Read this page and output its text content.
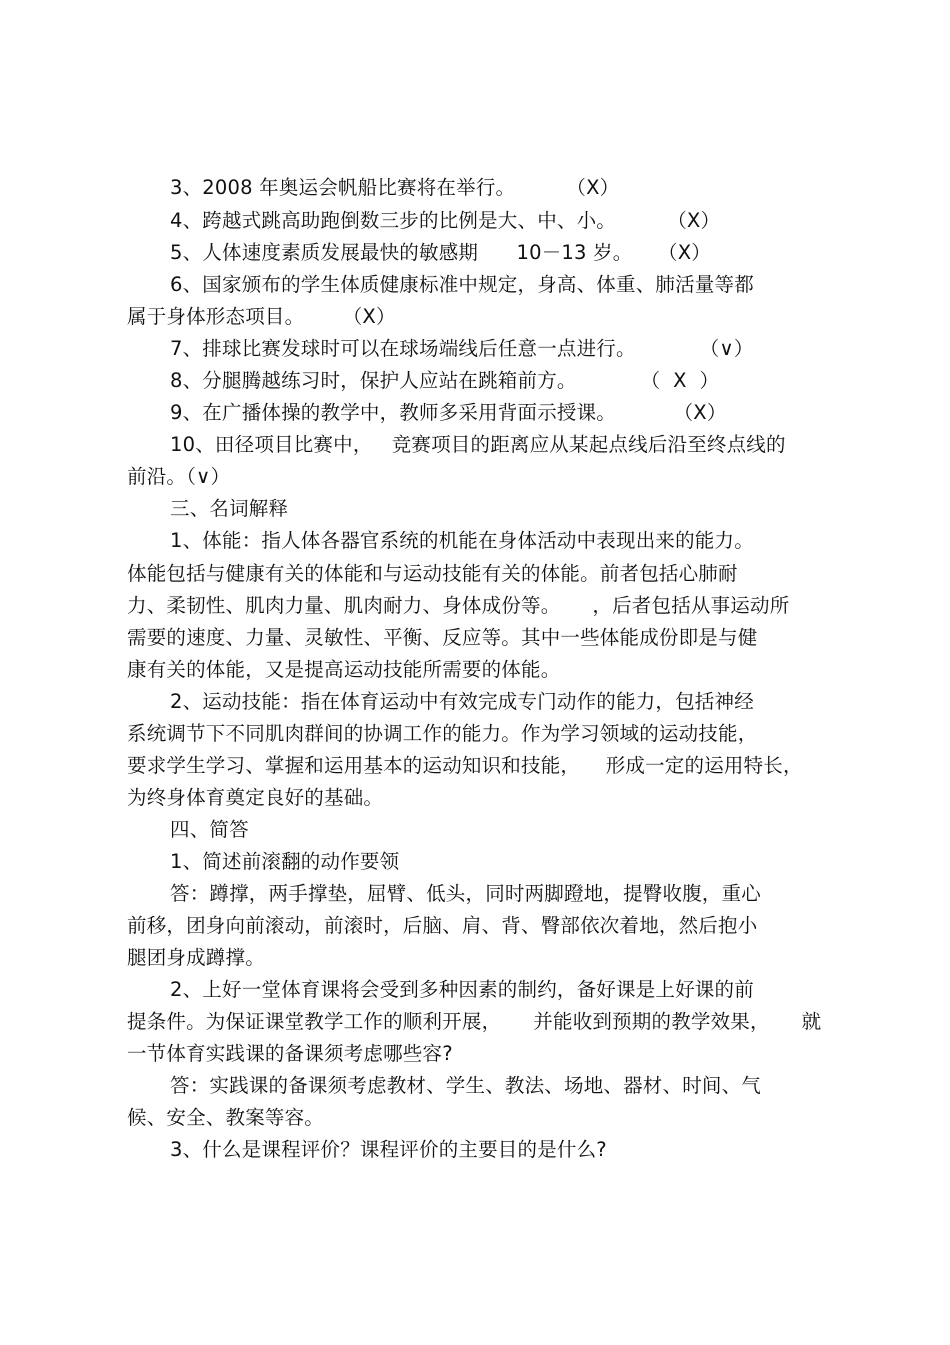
3、2008 年奥运会帆船比赛将在举行。        （X）
4、跨越式跳高助跑倒数三步的比例是大、中、小。        （X）
5、人体速度素质发展最快的敏感期      10－13 岁。    （X）
6、国家颁布的学生体质健康标准中规定，身高、体重、肺活量等都
属于身体形态项目。      （X）
7、排球比赛发球时可以在球场端线后任意一点进行。          （∨）
8、分腿腾越练习时，保护人应站在跳箱前方。          （  X  ）
9、在广播体操的教学中，教师多采用背面示授课。         （X）
10、田径项目比赛中，   竞赛项目的距离应从某起点线后沿至终点线的
前沿。（∨）
三、名词解释
1、体能：指人体各器官系统的机能在身体活动中表现出来的能力。
体能包括与健康有关的体能和与运动技能有关的体能。前者包括心肺耐
力、柔韧性、肌肉力量、肌肉耐力、身体成份等。     ，后者包括从事运动所
需要的速度、力量、灵敏性、平衡、反应等。其中一些体能成份即是与健
康有关的体能，又是提高运动技能所需要的体能。
2、运动技能：指在体育运动中有效完成专门动作的能力，包括神经
系统调节下不同肌肉群间的协调工作的能力。作为学习领域的运动技能，
要求学生学习、掌握和运用基本的运动知识和技能，    形成一定的运用特长，
为终身体育奠定良好的基础。
四、简答
1、简述前滚翻的动作要领
答：蹲撑，两手撑垫，屈臂、低头，同时两脚蹬地，提臀收腹，重心
前移，团身向前滚动，前滚时，后脑、肩、背、臀部依次着地，然后抱小
腿团身成蹲撑。
2、上好一堂体育课将会受到多种因素的制约，备好课是上好课的前
提条件。为保证课堂教学工作的顺利开展，     并能收到预期的教学效果，     就
一节体育实践课的备课须考虑哪些容?
答：实践课的备课须考虑教材、学生、教法、场地、器材、时间、气
候、安全、教案等容。
3、什么是课程评价？课程评价的主要目的是什么?
